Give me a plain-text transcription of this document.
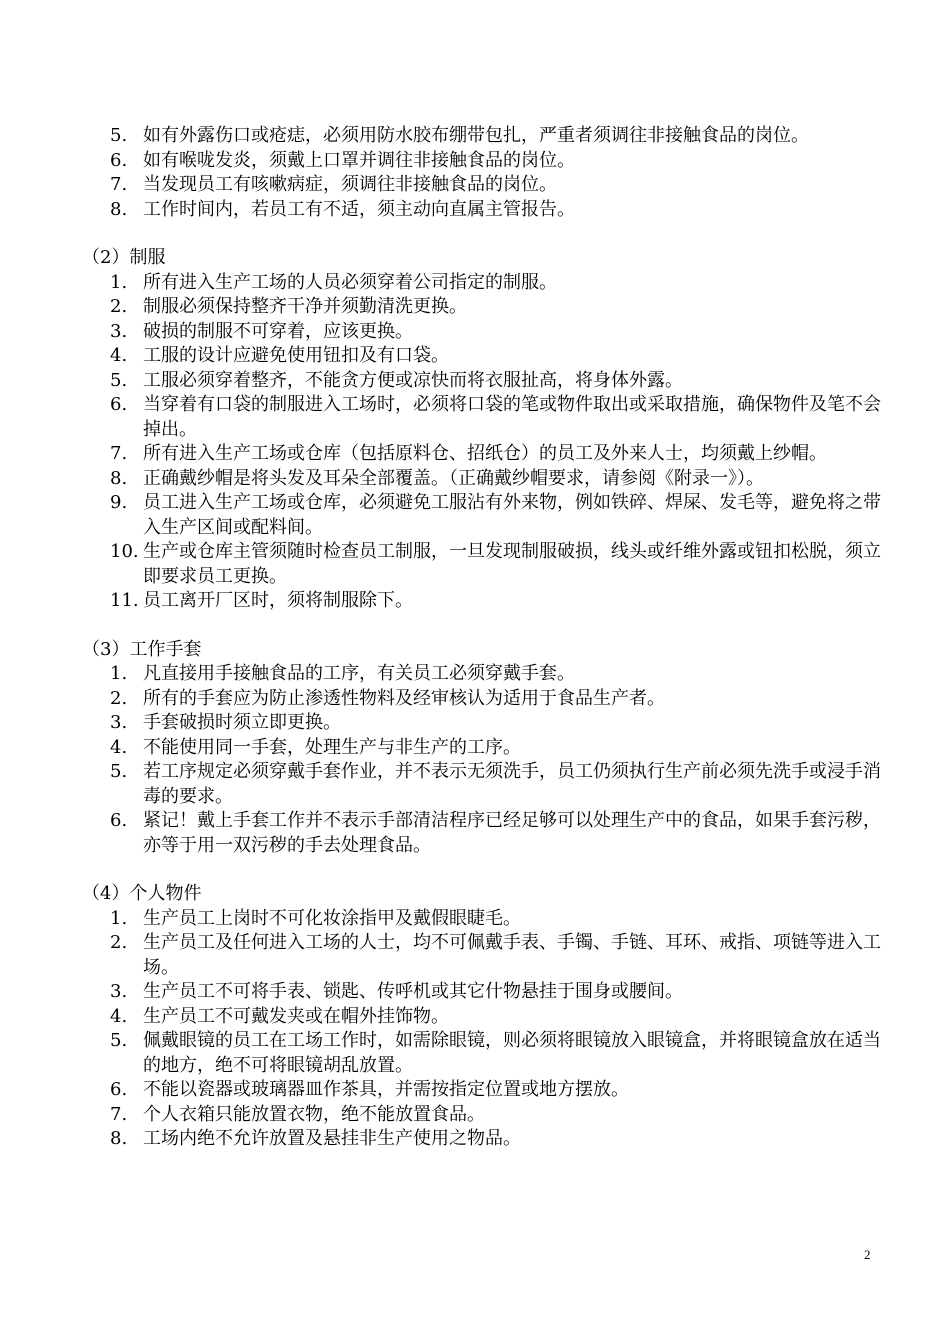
5. 如有外露伤口或疮痣，必须用防水胶布绷带包扎，严重者须调往非接触食品的岗位。
6. 如有喉咙发炎，须戴上口罩并调往非接触食品的岗位。
7. 当发现员工有咳嗽病症，须调往非接触食品的岗位。
8. 工作时间内，若员工有不适，须主动向直属主管报告。
（2）制服
1. 所有进入生产工场的人员必须穿着公司指定的制服。
2. 制服必须保持整齐干净并须勤清洗更换。
3. 破损的制服不可穿着，应该更换。
4. 工服的设计应避免使用钮扣及有口袋。
5. 工服必须穿着整齐，不能贪方便或凉快而将衣服扯高，将身体外露。
6. 当穿着有口袋的制服进入工场时，必须将口袋的笔或物件取出或采取措施，确保物件及笔不会掉出。
7. 所有进入生产工场或仓库（包括原料仓、招纸仓）的员工及外来人士，均须戴上纱帽。
8. 正确戴纱帽是将头发及耳朵全部覆盖。（正确戴纱帽要求，请参阅《附录一》）。
9. 员工进入生产工场或仓库，必须避免工服沾有外来物，例如铁碎、焊屎、发毛等，避免将之带入生产区间或配料间。
10. 生产或仓库主管须随时检查员工制服，一旦发现制服破损，线头或纤维外露或钮扣松脱，须立即要求员工更换。
11. 员工离开厂区时，须将制服除下。
（3）工作手套
1. 凡直接用手接触食品的工序，有关员工必须穿戴手套。
2. 所有的手套应为防止渗透性物料及经审核认为适用于食品生产者。
3. 手套破损时须立即更换。
4. 不能使用同一手套，处理生产与非生产的工序。
5. 若工序规定必须穿戴手套作业，并不表示无须洗手，员工仍须执行生产前必须先洗手或浸手消毒的要求。
6. 紧记！戴上手套工作并不表示手部清洁程序已经足够可以处理生产中的食品，如果手套污秽，亦等于用一双污秽的手去处理食品。
（4）个人物件
1. 生产员工上岗时不可化妆涂指甲及戴假眼睫毛。
2. 生产员工及任何进入工场的人士，均不可佩戴手表、手镯、手链、耳环、戒指、项链等进入工场。
3. 生产员工不可将手表、锁匙、传呼机或其它什物悬挂于围身或腰间。
4. 生产员工不可戴发夹或在帽外挂饰物。
5. 佩戴眼镜的员工在工场工作时，如需除眼镜，则必须将眼镜放入眼镜盒，并将眼镜盒放在适当的地方，绝不可将眼镜胡乱放置。
6. 不能以瓷器或玻璃器皿作茶具，并需按指定位置或地方摆放。
7. 个人衣箱只能放置衣物，绝不能放置食品。
8. 工场内绝不允许放置及悬挂非生产使用之物品。
2
